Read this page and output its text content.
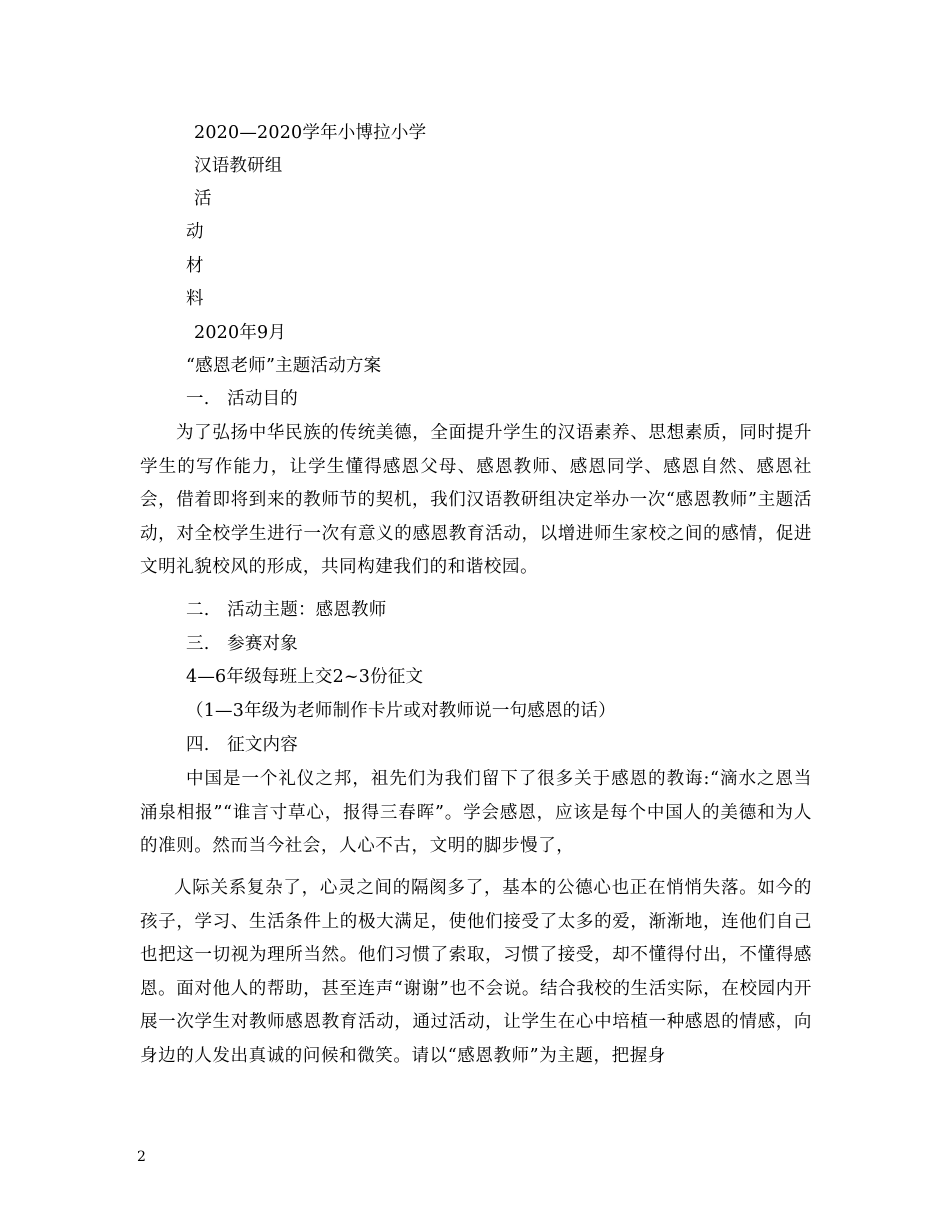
2020—2020学年小博拉小学
汉语教研组
活
动
材
料
2020年9月
“感恩老师”主题活动方案
一.　活动目的
为了弘扬中华民族的传统美德，全面提升学生的汉语素养、思想素质，同时提升学生的写作能力，让学生懂得感恩父母、感恩教师、感恩同学、感恩自然、感恩社会，借着即将到来的教师节的契机，我们汉语教研组决定举办一次“感恩教师”主题活动，对全校学生进行一次有意义的感恩教育活动，以增进师生家校之间的感情，促进文明礼貌校风的形成，共同构建我们的和谐校园。
二.　活动主题：感恩教师
三.　参赛对象
4—6年级每班上交2~3份征文
（1—3年级为老师制作卡片或对教师说一句感恩的话）
四.　征文内容
中国是一个礼仪之邦，祖先们为我们留下了很多关于感恩的教诲:“滴水之恩当涌泉相报”“谁言寸草心，报得三春晖”。学会感恩，应该是每个中国人的美德和为人的准则。然而当今社会，人心不古，文明的脚步慢了，
人际关系复杂了，心灵之间的隔阂多了，基本的公德心也正在悄悄失落。如今的孩子，学习、生活条件上的极大满足，使他们接受了太多的爱，渐渐地，连他们自己也把这一切视为理所当然。他们习惯了索取，习惯了接受，却不懂得付出，不懂得感恩。面对他人的帮助，甚至连声“谢谢”也不会说。结合我校的生活实际，在校园内开展一次学生对教师感恩教育活动，通过活动，让学生在心中培植一种感恩的情感，向身边的人发出真诚的问候和微笑。请以“感恩教师”为主题，把握身
2
